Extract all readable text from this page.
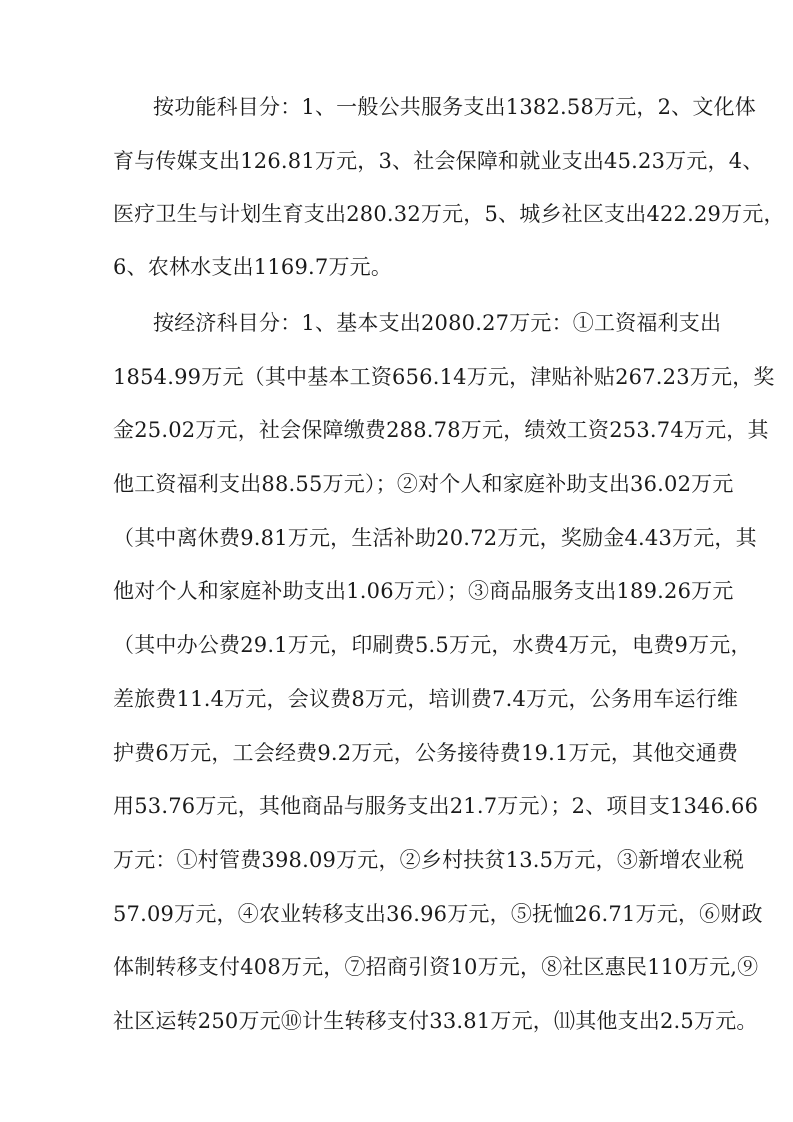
按功能科目分：1、一般公共服务支出1382.58万元，2、文化体

育与传媒支出126.81万元，3、社会保障和就业支出45.23万元，4、

医疗卫生与计划生育支出280.32万元，5、城乡社区支出422.29万元，

6、农林水支出1169.7万元。

按经济科目分：1、基本支出2080.27万元：①工资福利支出

1854.99万元（其中基本工资656.14万元，津贴补贴267.23万元，奖

金25.02万元，社会保障缴费288.78万元，绩效工资253.74万元，其

他工资福利支出88.55万元）；②对个人和家庭补助支出36.02万元

（其中离休费9.81万元，生活补助20.72万元，奖励金4.43万元，其

他对个人和家庭补助支出1.06万元）；③商品服务支出189.26万元

（其中办公费29.1万元，印刷费5.5万元，水费4万元，电费9万元，

差旅费11.4万元，会议费8万元，培训费7.4万元，公务用车运行维

护费6万元，工会经费9.2万元，公务接待费19.1万元，其他交通费

用53.76万元，其他商品与服务支出21.7万元）；2、项目支1346.66

万元：①村管费398.09万元，②乡村扶贫13.5万元，③新增农业税

57.09万元，④农业转移支出36.96万元，⑤抚恤26.71万元，⑥财政

体制转移支付408万元，⑦招商引资10万元，⑧社区惠民110万元,⑨

社区运转250万元⑩计生转移支付33.81万元，⑾其他支出2.5万元。
